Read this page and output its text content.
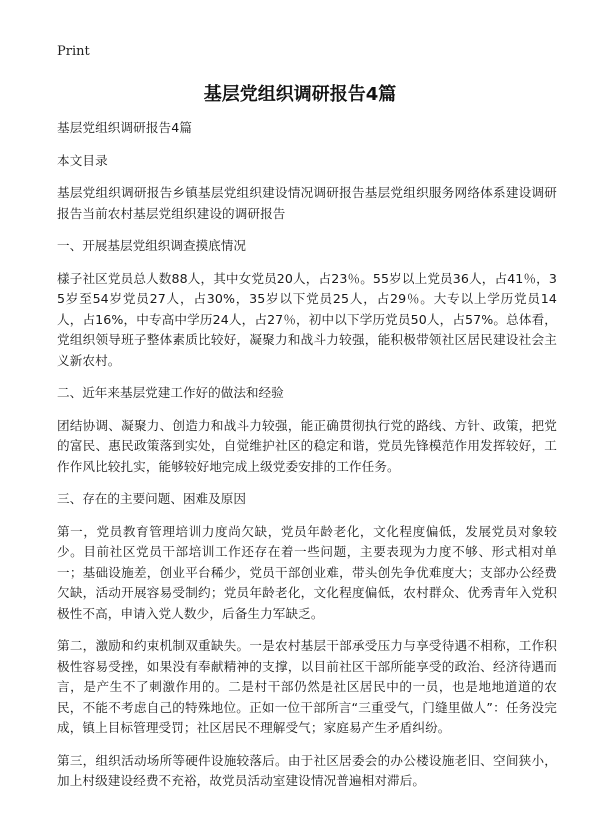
Print
基层党组织调研报告4篇

基层党组织调研报告4篇

本文目录

基层党组织调研报告乡镇基层党组织建设情况调研报告基层党组织服务网络体系建设调研报告当前农村基层党组织建设的调研报告

一、开展基层党组织调查摸底情况

樣子社区党员总人数88人，其中女党员20人，占23％。55岁以上党员36人，占41％，35岁至54岁党员27人，占30%，35岁以下党员25人，占29％。大专以上学历党员14人，占16%，中专高中学历24人，占27％，初中以下学历党员50人，占57%。总体看，党组织领导班子整体素质比较好，凝聚力和战斗力较强，能积极带领社区居民建设社会主义新农村。

二、近年来基层党建工作好的做法和经验

团结协调、凝聚力、创造力和战斗力较强，能正确贯彻执行党的路线、方针、政策，把党的富民、惠民政策落到实处，自觉维护社区的稳定和谐，党员先锋模范作用发挥较好，工作作风比较扎实，能够较好地完成上级党委安排的工作任务。

三、存在的主要问题、困难及原因

第一，党员教育管理培训力度尚欠缺，党员年龄老化，文化程度偏低，发展党员对象较少。目前社区党员干部培训工作还存在着一些问题，主要表现为力度不够、形式相对单一；基础设施差，创业平台稀少，党员干部创业难，带头创先争优难度大；支部办公经费欠缺，活动开展容易受制约；党员年龄老化，文化程度偏低，农村群众、优秀青年入党积极性不高，申请入党人数少，后备生力军缺乏。

第二，激励和约束机制双重缺失。一是农村基层干部承受压力与享受待遇不相称，工作积极性容易受挫，如果没有奉献精神的支撑，以目前社区干部所能享受的政治、经济待遇而言，是产生不了刺激作用的。二是村干部仍然是社区居民中的一员，也是地地道道的农民，不能不考虑自己的特殊地位。正如一位干部所言“三重受气，门缝里做人”：任务没完成，镇上目标管理受罚；社区居民不理解受气；家庭易产生矛盾纠纷。

第三，组织活动场所等硬件设施较落后。由于社区居委会的办公楼设施老旧、空间狭小，加上村级建设经费不充裕，故党员活动室建设情况普遍相对滞后。
